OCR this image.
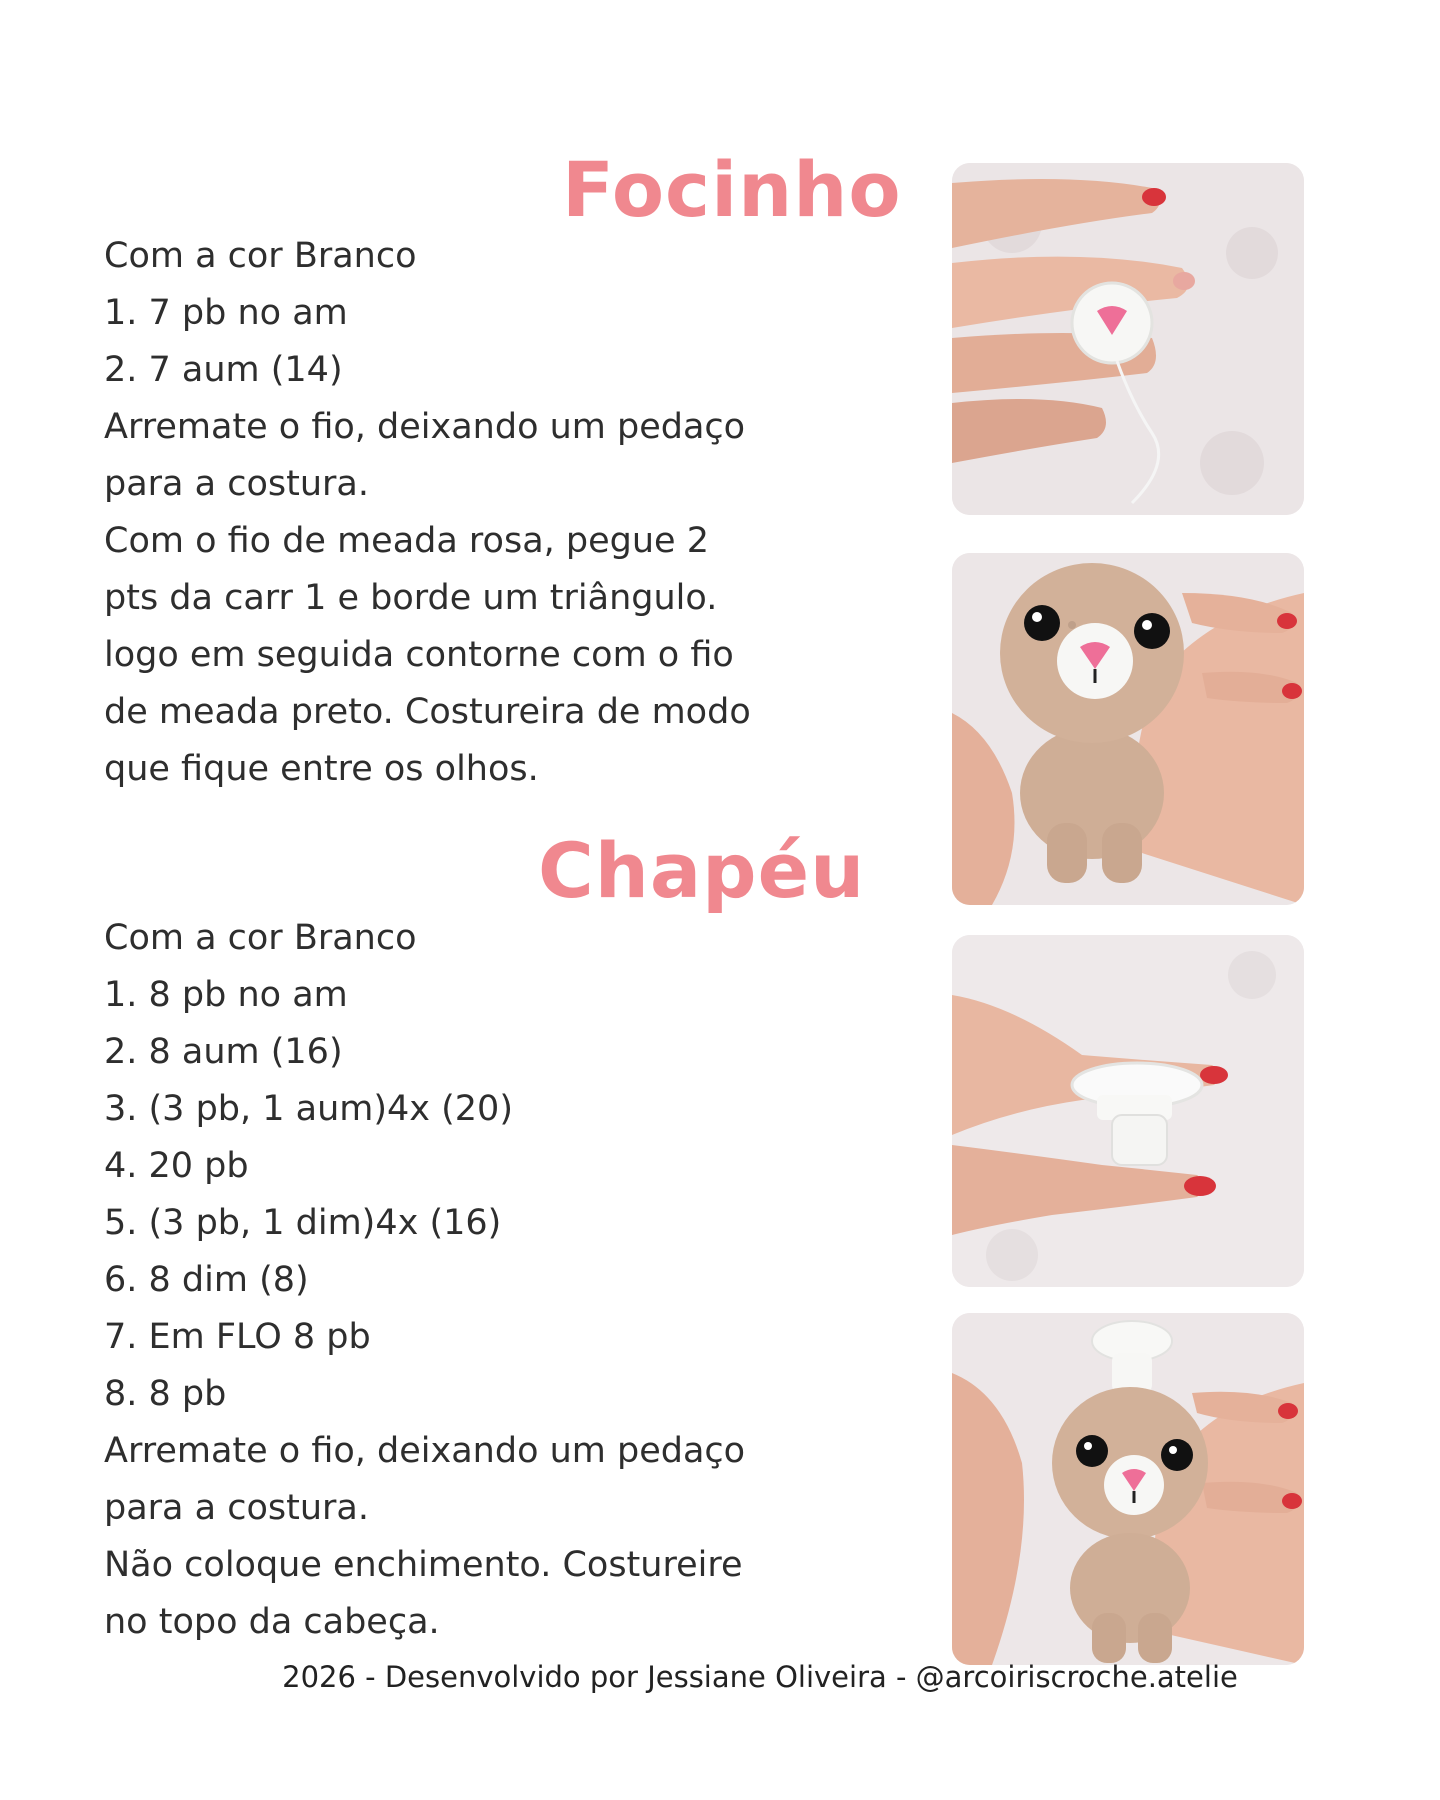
Focinho
Com a cor Branco
1. 7 pb no am
2. 7 aum (14)
Arremate o fio, deixando um pedaço
para a costura.
Com o fio de meada rosa, pegue 2
pts da carr 1 e borde um triângulo.
logo em seguida contorne com o fio
de meada preto. Costureira de modo
que fique entre os olhos.
Chapéu
Com a cor Branco
1. 8 pb no am
2. 8 aum (16)
3. (3 pb, 1 aum)4x (20)
4. 20 pb
5. (3 pb, 1 dim)4x (16)
6. 8 dim (8)
7. Em FLO 8 pb
8. 8 pb
Arremate o fio, deixando um pedaço
para a costura.
Não coloque enchimento. Costureire
no topo da cabeça.
2026 - Desenvolvido por Jessiane Oliveira - @arcoiriscroche.atelie
